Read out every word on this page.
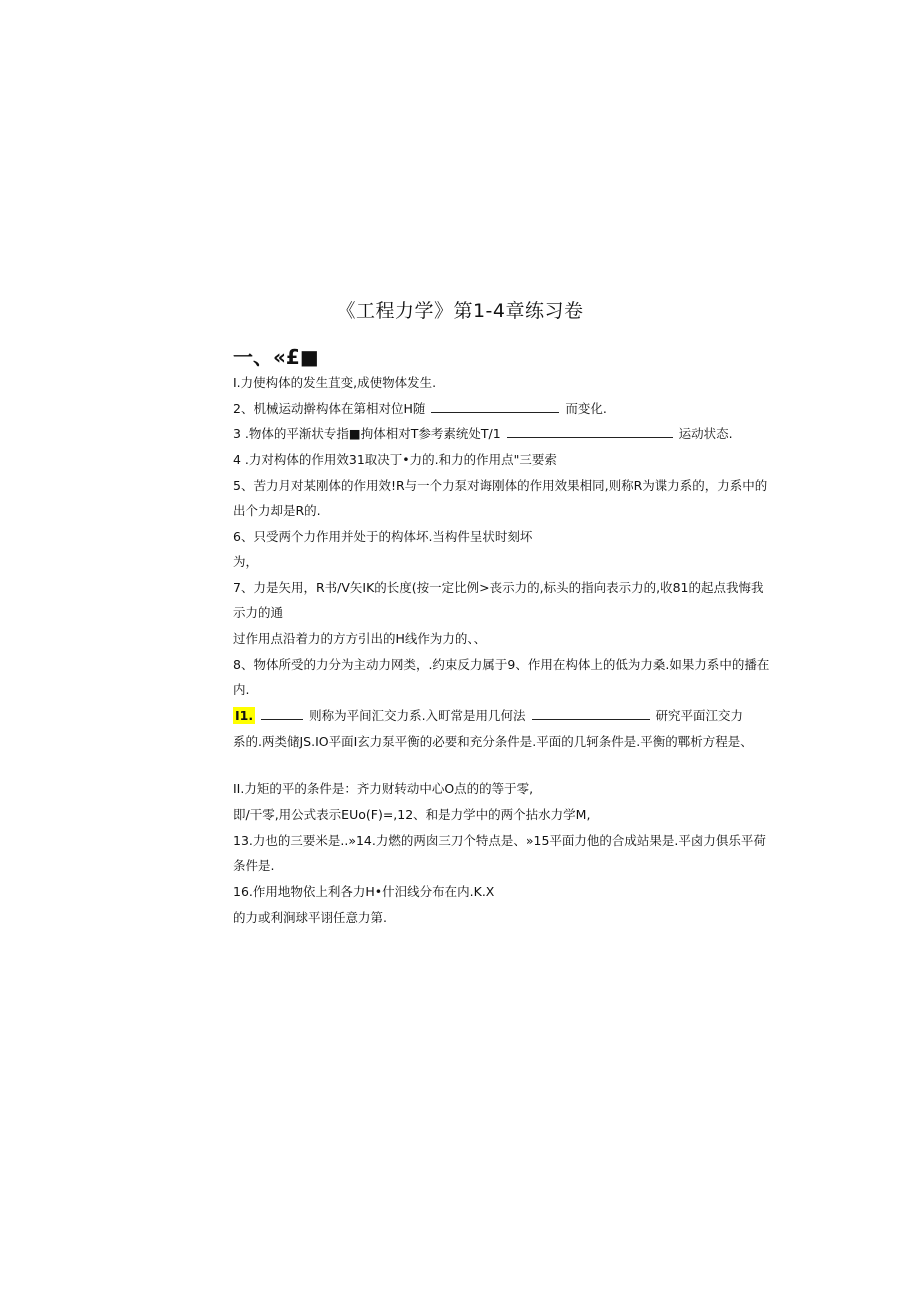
《工程力学》第1-4章练习卷
一、«£■
I.力使构体的发生苴变,成使物体发生.
2、机械运动擀构体在第相对位H随	而变化.
3 .物体的平渐状专指■拘体相对T参考素统处T/1	运动状态.
4 .力对构体的作用效31取决丁•力的.和力的作用点"三要索
5、苦力月对某刚体的作用效!R与一个力泵对诲刚体的作用效果相同,则称R为谍力系的，力系中的
出个力却是R的.
6、只受两个力作用并处于的构体坏.当构件呈状时刻坏
为，
7、力是矢用，R书/V矢IK的长度(按一定比例>丧示力的,标头的指向表示力的,收81的起点我悔我
示力的通
过作用点沿着力的方方引出的H线作为力的、、
8、物体所受的力分为主动力网类，.约束反力属于9、作用在构体上的低为力桑.如果力系中的播在
内.
I1.	则称为平间汇交力系.入町常是用几何法	研究平面江交力
系的.两类储JS.IO平面I玄力泵平衡的必要和充分条件是.平面的几轲条件是.平衡的鄲析方程是、
II.力矩的平的条件是：齐力财转动中心O点的的等于零,
即/干零,用公式表示EUo(F)=,12、和是力学中的两个拈水力学M,
13.力也的三要米是..»14.力燃的两囱三刀个特点是、»15平面力他的合成站果是.平卤力俱乐平荷
条件是.
16.作用地物依上利各力H•什汨线分布在内.K.X
的力或利涧球平诩任意力第.
